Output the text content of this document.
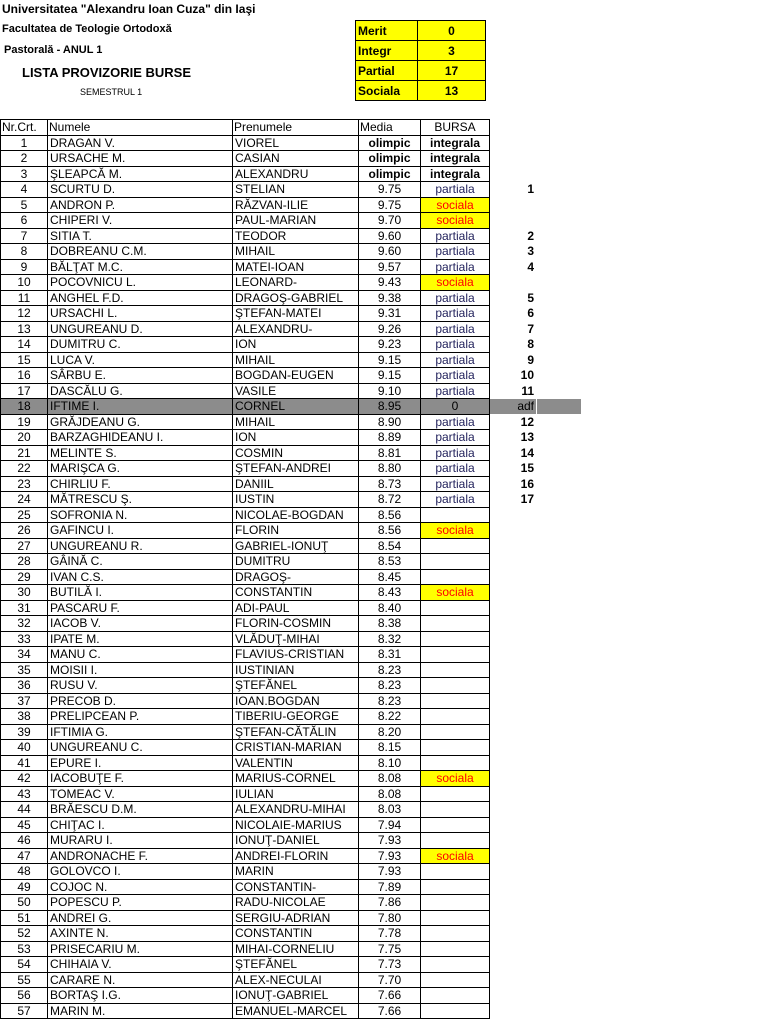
Universitatea "Alexandru Ioan Cuza" din Iaşi
Facultatea de Teologie Ortodoxă
Pastorală - ANUL 1
LISTA PROVIZORIE BURSE
SEMESTRUL 1
Merit	0
Integr	3
Partial	17
Sociala	13
Nr.Crt.	Numele	Prenumele	Media	BURSA		
1	DRAGAN V.	VIOREL	olimpic	integrala		
2	URSACHE M.	CASIAN	olimpic	integrala		
3	ŞLEAPCĂ M.	ALEXANDRU	olimpic	integrala		
4	SCURTU D.	STELIAN	9.75	partiala	1	
5	ANDRON P.	RĂZVAN-ILIE	9.75	sociala		
6	CHIPERI V.	PAUL-MARIAN	9.70	sociala		
7	SITIA T.	TEODOR	9.60	partiala	2	
8	DOBREANU C.M.	MIHAIL	9.60	partiala	3	
9	BĂLŢAT M.C.	MATEI-IOAN	9.57	partiala	4	
10	POCOVNICU L.	LEONARD-	9.43	sociala		
11	ANGHEL F.D.	DRAGOŞ-GABRIEL	9.38	partiala	5	
12	URSACHI L.	ŞTEFAN-MATEI	9.31	partiala	6	
13	UNGUREANU D.	ALEXANDRU-	9.26	partiala	7	
14	DUMITRU C.	ION	9.23	partiala	8	
15	LUCA V.	MIHAIL	9.15	partiala	9	
16	SÂRBU E.	BOGDAN-EUGEN	9.15	partiala	10	
17	DASCĂLU G.	VASILE	9.10	partiala	11	
18	IFTIME I.	CORNEL	8.95	0	adf	
19	GRĂJDEANU G.	MIHAIL	8.90	partiala	12	
20	BARZAGHIDEANU I.	ION	8.89	partiala	13	
21	MELINTE S.	COSMIN	8.81	partiala	14	
22	MARIŞCA G.	ŞTEFAN-ANDREI	8.80	partiala	15	
23	CHIRLIU F.	DANIIL	8.73	partiala	16	
24	MĂTRESCU Ş.	IUSTIN	8.72	partiala	17	
25	SOFRONIA N.	NICOLAE-BOGDAN	8.56			
26	GAFINCU I.	FLORIN	8.56	sociala		
27	UNGUREANU R.	GABRIEL-IONUŢ	8.54			
28	GÂINĂ C.	DUMITRU	8.53			
29	IVAN C.S.	DRAGOŞ-	8.45			
30	BUTILĂ I.	CONSTANTIN	8.43	sociala		
31	PASCARU F.	ADI-PAUL	8.40			
32	IACOB V.	FLORIN-COSMIN	8.38			
33	IPATE M.	VLĂDUŢ-MIHAI	8.32			
34	MANU C.	FLAVIUS-CRISTIAN	8.31			
35	MOISII I.	IUSTINIAN	8.23			
36	RUSU V.	ŞTEFĂNEL	8.23			
37	PRECOB D.	IOAN.BOGDAN	8.23			
38	PRELIPCEAN P.	TIBERIU-GEORGE	8.22			
39	IFTIMIA G.	ŞTEFAN-CĂTĂLIN	8.20			
40	UNGUREANU C.	CRISTIAN-MARIAN	8.15			
41	EPURE I.	VALENTIN	8.10			
42	IACOBUŢE F.	MARIUS-CORNEL	8.08	sociala		
43	TOMEAC V.	IULIAN	8.08			
44	BRĂESCU D.M.	ALEXANDRU-MIHAI	8.03			
45	CHIŢAC I.	NICOLAIE-MARIUS	7.94			
46	MURARU I.	IONUŢ-DANIEL	7.93			
47	ANDRONACHE F.	ANDREI-FLORIN	7.93	sociala		
48	GOLOVCO I.	MARIN	7.93			
49	COJOC N.	CONSTANTIN-	7.89			
50	POPESCU P.	RADU-NICOLAE	7.86			
51	ANDREI G.	SERGIU-ADRIAN	7.80			
52	AXINTE N.	CONSTANTIN	7.78			
53	PRISECARIU M.	MIHAI-CORNELIU	7.75			
54	CHIHAIA V.	ŞTEFĂNEL	7.73			
55	CARARE N.	ALEX-NECULAI	7.70			
56	BORTAŞ I.G.	IONUŢ-GABRIEL	7.66			
57	MARIN M.	EMANUEL-MARCEL	7.66			
